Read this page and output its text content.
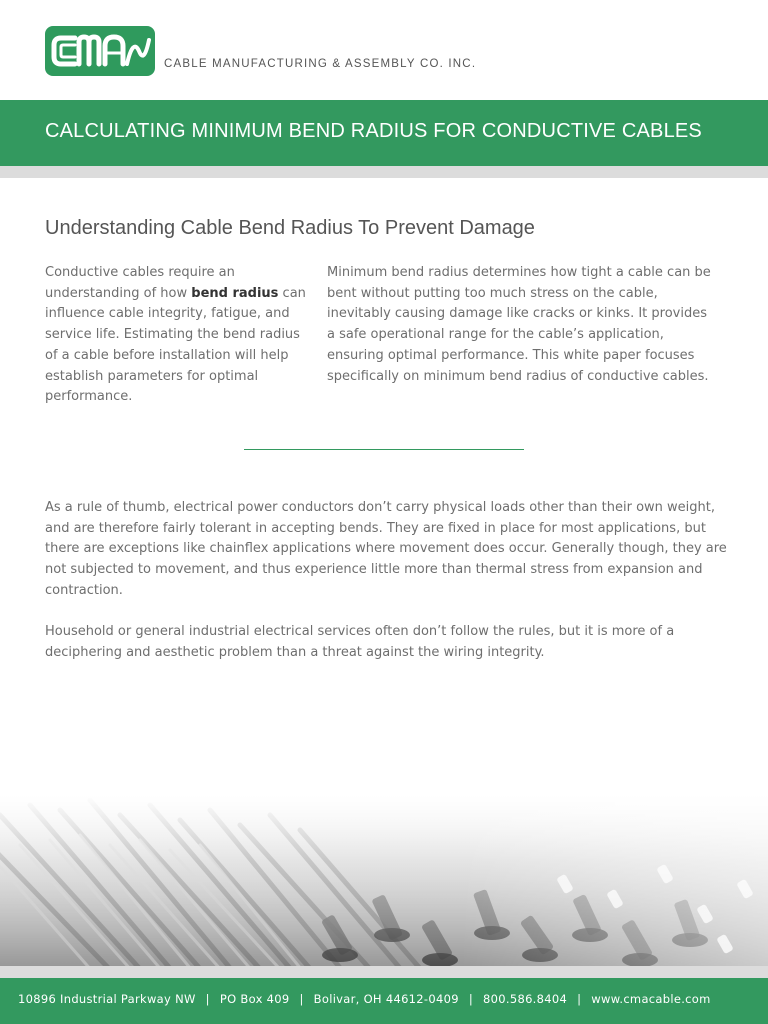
CABLE MANUFACTURING & ASSEMBLY CO. INC.
CALCULATING MINIMUM BEND RADIUS FOR CONDUCTIVE CABLES
Understanding Cable Bend Radius To Prevent Damage
Conductive cables require an understanding of how bend radius can influence cable integrity, fatigue, and service life. Estimating the bend radius of a cable before installation will help establish parameters for optimal performance.
Minimum bend radius determines how tight a cable can be bent without putting too much stress on the cable, inevitably causing damage like cracks or kinks. It provides a safe operational range for the cable’s application, ensuring optimal performance. This white paper focuses specifically on minimum bend radius of conductive cables.
As a rule of thumb, electrical power conductors don’t carry physical loads other than their own weight, and are therefore fairly tolerant in accepting bends. They are fixed in place for most applications, but there are exceptions like chainflex applications where movement does occur. Generally though, they are not subjected to movement, and thus experience little more than thermal stress from expansion and contraction.
Household or general industrial electrical services often don’t follow the rules, but it is more of a deciphering and aesthetic problem than a threat against the wiring integrity.
10896 Industrial Parkway NW | PO Box 409 | Bolivar, OH 44612-0409 | 800.586.8404 | www.cmacable.com
